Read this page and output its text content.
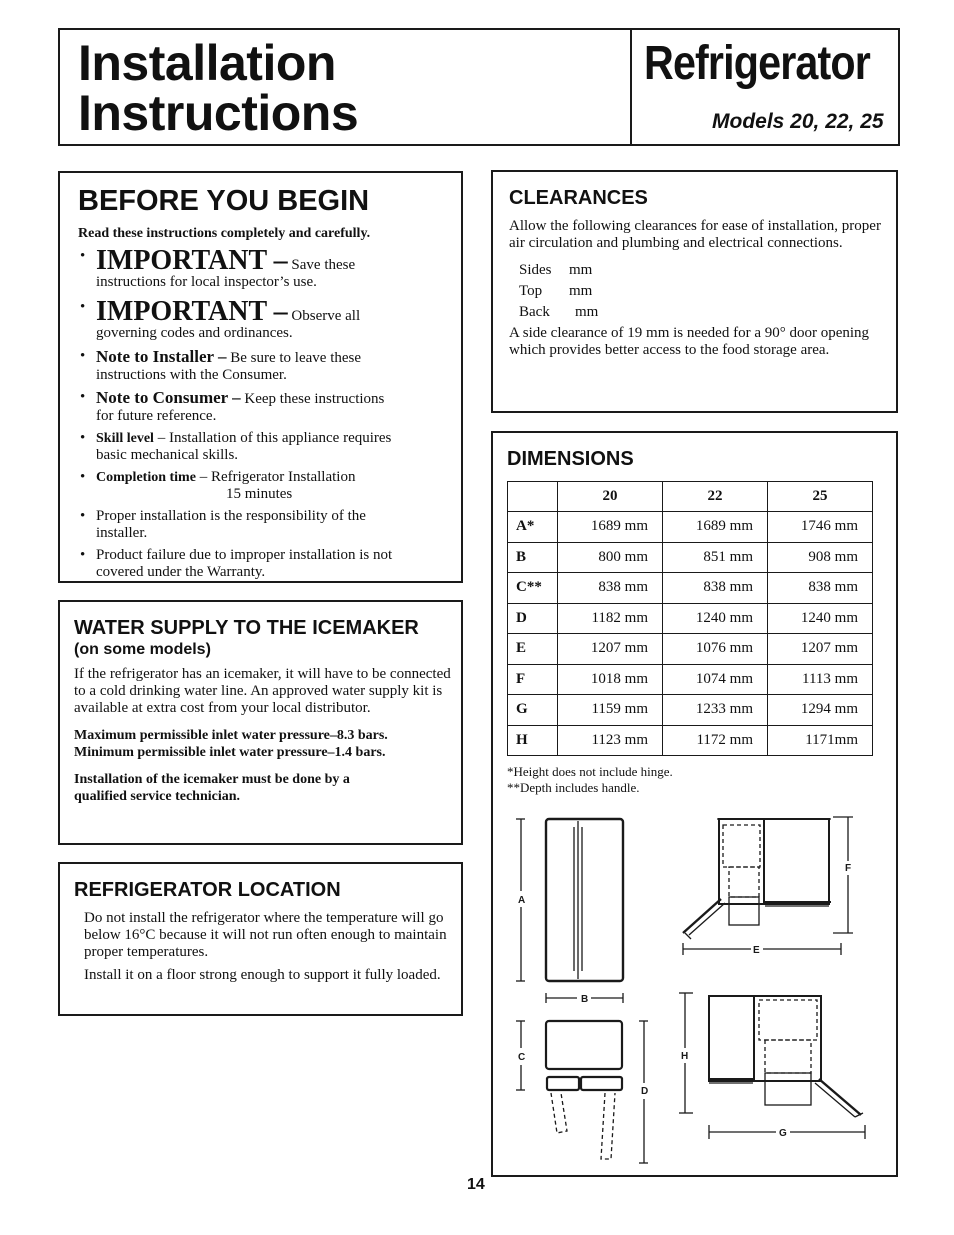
Installation
Instructions
Refrigerator
Models 20, 22, 25
BEFORE YOU BEGIN
Read these instructions completely and carefully.
• IMPORTANT – Save these
instructions for local inspector’s use.
• IMPORTANT – Observe all
governing codes and ordinances.
• Note to Installer – Be sure to leave these
instructions with the Consumer.
• Note to Consumer – Keep these instructions
for future reference.
• Skill level – Installation of this appliance requires
basic mechanical skills.
• Completion time – Refrigerator Installation
15 minutes
• Proper installation is the responsibility of the
installer.
• Product failure due to improper installation is not
covered under the Warranty.
WATER SUPPLY TO THE ICEMAKER
(on some models)
If the refrigerator has an icemaker, it will have to be connected to a cold drinking water line. An approved water supply kit is available at extra cost from your local distributor.
Maximum permissible inlet water pressure–8.3 bars.
Minimum permissible inlet water pressure–1.4 bars.
Installation of the icemaker must be done by a qualified service technician.
REFRIGERATOR LOCATION
Do not install the refrigerator where the temperature will go below 16°C because it will not run often enough to maintain proper temperatures.
Install it on a floor strong enough to support it fully loaded.
CLEARANCES
Allow the following clearances for ease of installation, proper air circulation and plumbing and electrical connections.
Sides mm
Top mm
Back mm
A side clearance of 19 mm is needed for a 90° door opening which provides better access to the food storage area.
DIMENSIONS
	20	22	25
A*	1689 mm	1689 mm	1746 mm
B	800 mm	851 mm	908 mm
C**	838 mm	838 mm	838 mm
D	1182 mm	1240 mm	1240 mm
E	1207 mm	1076 mm	1207 mm
F	1018 mm	1074 mm	1113 mm
G	1159 mm	1233 mm	1294 mm
H	1123 mm	1172 mm	1171mm
*Height does not include hinge.
**Depth includes handle.
A
B
C
D
E
F
G
H
14
